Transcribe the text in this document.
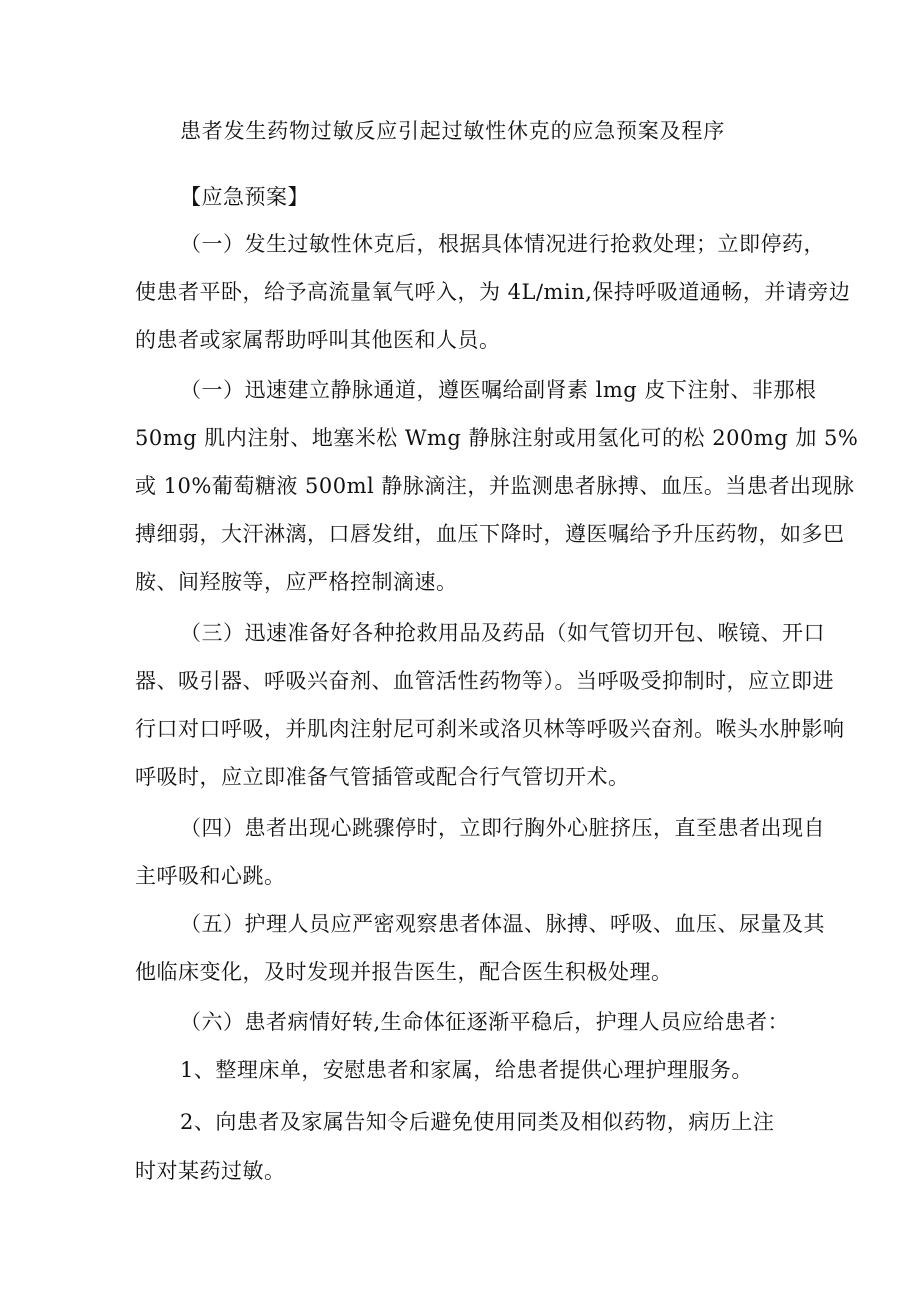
患者发生药物过敏反应引起过敏性休克的应急预案及程序
【应急预案】
（一）发生过敏性休克后，根据具体情况进行抢救处理；立即停药，
使患者平卧，给予高流量氧气呼入，为 4L∕min,保持呼吸道通畅，并请旁边
的患者或家属帮助呼叫其他医和人员。
（一）迅速建立静脉通道，遵医嘱给副肾素 lmg 皮下注射、非那根
50mg 肌内注射、地塞米松 Wmg 静脉注射或用氢化可的松 200mg 加 5%
或 10%葡萄糖液 500ml 静脉滴注，并监测患者脉搏、血压。当患者出现脉
搏细弱，大汗淋漓，口唇发绀，血压下降时，遵医嘱给予升压药物，如多巴
胺、间羟胺等，应严格控制滴速。
（三）迅速准备好各种抢救用品及药品（如气管切开包、喉镜、开口
器、吸引器、呼吸兴奋剂、血管活性药物等）。当呼吸受抑制时，应立即进
行口对口呼吸，并肌肉注射尼可刹米或洛贝林等呼吸兴奋剂。喉头水肿影响
呼吸时，应立即准备气管插管或配合行气管切开术。
（四）患者出现心跳骤停时，立即行胸外心脏挤压，直至患者出现自
主呼吸和心跳。
（五）护理人员应严密观察患者体温、脉搏、呼吸、血压、尿量及其
他临床变化，及时发现并报告医生，配合医生积极处理。
（六）患者病情好转,生命体征逐渐平稳后，护理人员应给患者：
1、整理床单，安慰患者和家属，给患者提供心理护理服务。
2、向患者及家属告知令后避免使用同类及相似药物，病历上注
时对某药过敏。
